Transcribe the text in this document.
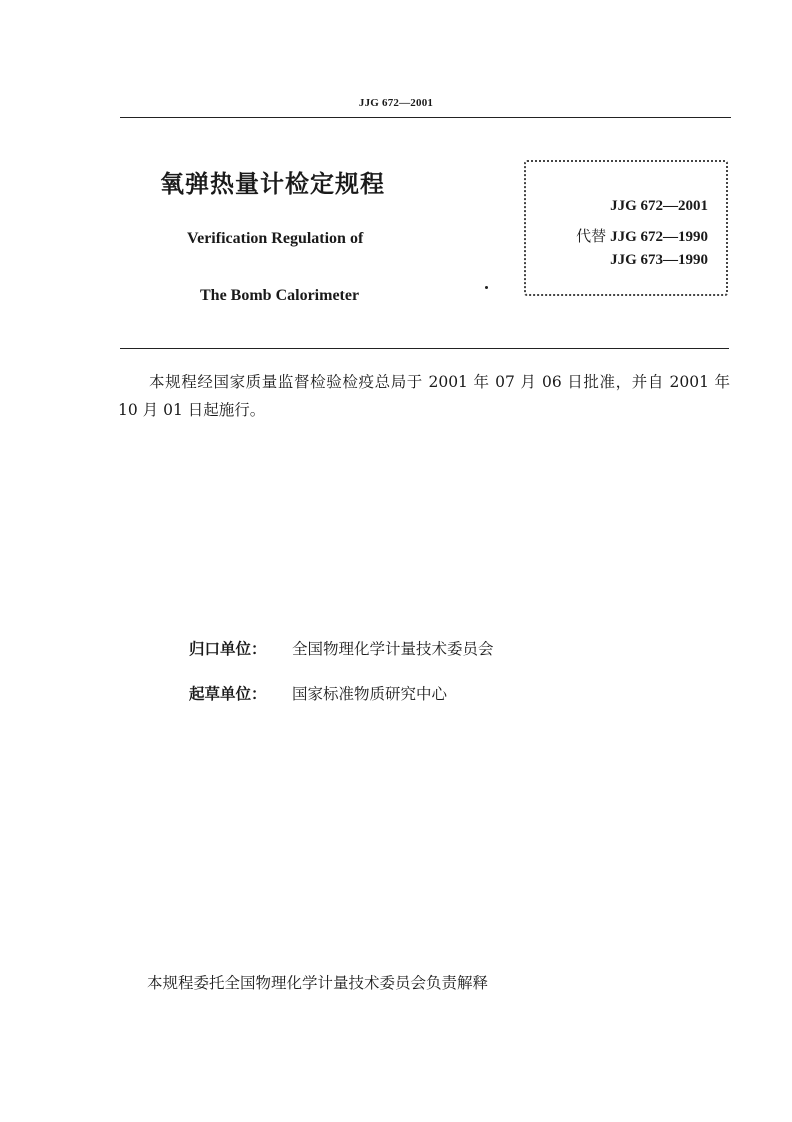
JJG 672—2001
氧弹热量计检定规程
Verification Regulation of
The Bomb Calorimeter
JJG 672—2001
代替 JJG 672—1990
JJG 673—1990
本规程经国家质量监督检验检疫总局于 2001 年 07 月 06 日批准，并自 2001 年 10 月 01 日起施行。
归口单位： 全国物理化学计量技术委员会
起草单位： 国家标准物质研究中心
本规程委托全国物理化学计量技术委员会负责解释
